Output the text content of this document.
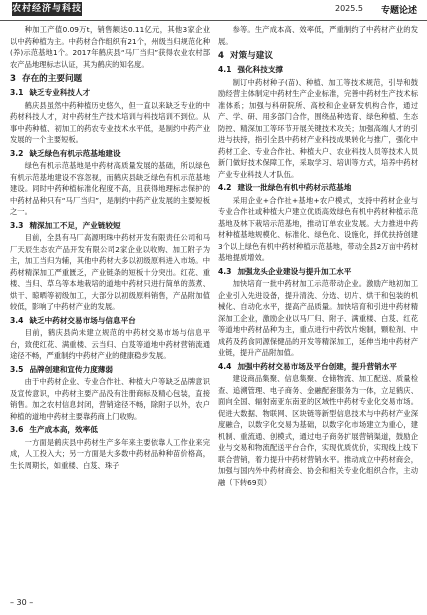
农村经济与科技	2025.5 专题论述

种加工产值0.09万t，销售额达0.11亿元，其他3家企业以中药种植为主。中药材合作组织有21个，州级当归规范化种(养)示范基地1个。2017年鹤庆县“马厂当归”获得农业农村部农产品地理标志认证，其为鹤庆的知名度。

3 存在的主要问题
3.1 缺乏专业科技人才

鹤庆县虽然中药种植历史悠久，但一直以来缺乏专业的中药材科技人才，对中药材生产技术培训与科技培训不到位。从事中药种植、初加工的药农专业技术水平低，是制约中药产业发展的一个主要短板。

3.2 缺乏绿色有机示范基地建设

绿色有机示范基地是中药材高质量发展的基础，所以绿色有机示范基地建设不容忽视，而鹤庆县缺乏绿色有机示范基地建设。同时中药种植标准化程度不高，且获得地理标志保护的中药材品种只有“马厂当归”，是制约中药产业发展的主要短板之一。

3.3 精深加工不足，产业链较短

目前，全县有马厂高源明珠中药材开发有限责任公司和马厂天辰生态农产品开发有限公司2家企业以收购、加工附子为主，加工当归为辅，其他中药材大多以初级原料进入市场。中药材精深加工严重匮乏，产业链条的短板十分突出。红花、重楼、当归、草乌等本地栽培的道地中药材只进行简单的蒸煮、烘干、晾晒等初级加工，大部分以初级原料销售，产品附加值较低，影响了中药材产业的发展。

3.4 缺乏中药材交易市场与信息平台

目前，鹤庆县尚未建立规范的中药材交易市场与信息平台，致使红花、满重楼、云当归、白芨等道地中药材营销流通途径不畅，严重制约中药材产业的健康稳步发展。

3.5 品牌创建和宣传力度薄弱

由于中药材企业、专业合作社、种植大户等缺乏品牌意识及宣传意识，中药材主要产品没有注册商标及精心包装，直接销售。加之农村信息封闭，营销途径不畅，除附子以外，农户种植的道地中药材主要靠药商上门收购。

3.6 生产成本高，效率低

一方面是鹤庆县中药材生产多年来主要依靠人工作业来完成，人工投入大；另一方面是大多数中药材品种种苗价格高，生长周期长，如重楼、白芨、珠子

参等。生产成本高、效率低，严重制约了中药材产业的发展。

4 对策与建议
4.1 强化科技支撑

制订中药材种子(苗)、种植、加工等技术规范，引导和鼓励经营主体制定中药材生产企业标准，完善中药材生产技术标准体系；加强与科研院所、高校和企业研发机构合作，通过产、学、研、用多部门合作，围绕品种选育、绿色种植、生态防控、精深加工等环节开展关键技术攻关；加强高端人才的引进与扶持，指引全县中药材产业科技成果转化与推广，强化中药材工企、专业合作社、种植大户、农业科技人员等技术人员新门做好技术保障工作，采取学习、培训等方式，培养中药材产业专业科技人才队伍。

4.2 建设一批绿色有机中药材示范基地

采用企业+合作社+基地+农户模式，支持中药材企业与专业合作社或种植大户建立优质高效绿色有机中药材种植示范基地及林下栽培示范基地，推动订单农业发展。大力推进中药材种植基地规模化、标准化、绿色化、设施化，择优扶持创建3个以上绿色有机中药材种植示范基地，带动全县2万亩中药材基地提质增效。

4.3 加强龙头企业建设与提升加工水平

加快培育一批中药材加工示范带动企业。激励产地初加工企业引入先进设备，提升清洗、分选、切片、烘干和包装的机械化、自动化水平，提高产品质量。加快培育和引进中药材精深加工企业，激励企业以马厂归、附子、满重楼、白芨、红花等道地中药材品种为主，重点进行中药饮片炮制，颗粒剂、中成药及药食同源保健品的开发等精深加工，延伸当地中药材产业链，提升产品附加值。

4.4 加强中药材交易市场及平台创建，提升营销水平

建设商品集聚、信息集聚、仓储物流、加工配送、质量检查、追溯管理、电子商务、金融配套服务为一体，立足鹤庆、面向全国、辐射南亚东南亚的区域性中药材专业化交易市场。促进大数据、物联网、区块链等新型信息技术与中药材产业深度融合，以数字化交易为基础，以数字化市场建立为重心，建机制、重流通、创模式，通过电子商务扩展营销渠道，鼓励企业与交易和物流配送平台合作，实现优质优价，实现线上线下联合营销，着力提升中药材营销水平。推动成立中药材商会，加强与国内外中药材商会、协会和相关专业化组织合作，主动融（下转69页）

– 30 –
